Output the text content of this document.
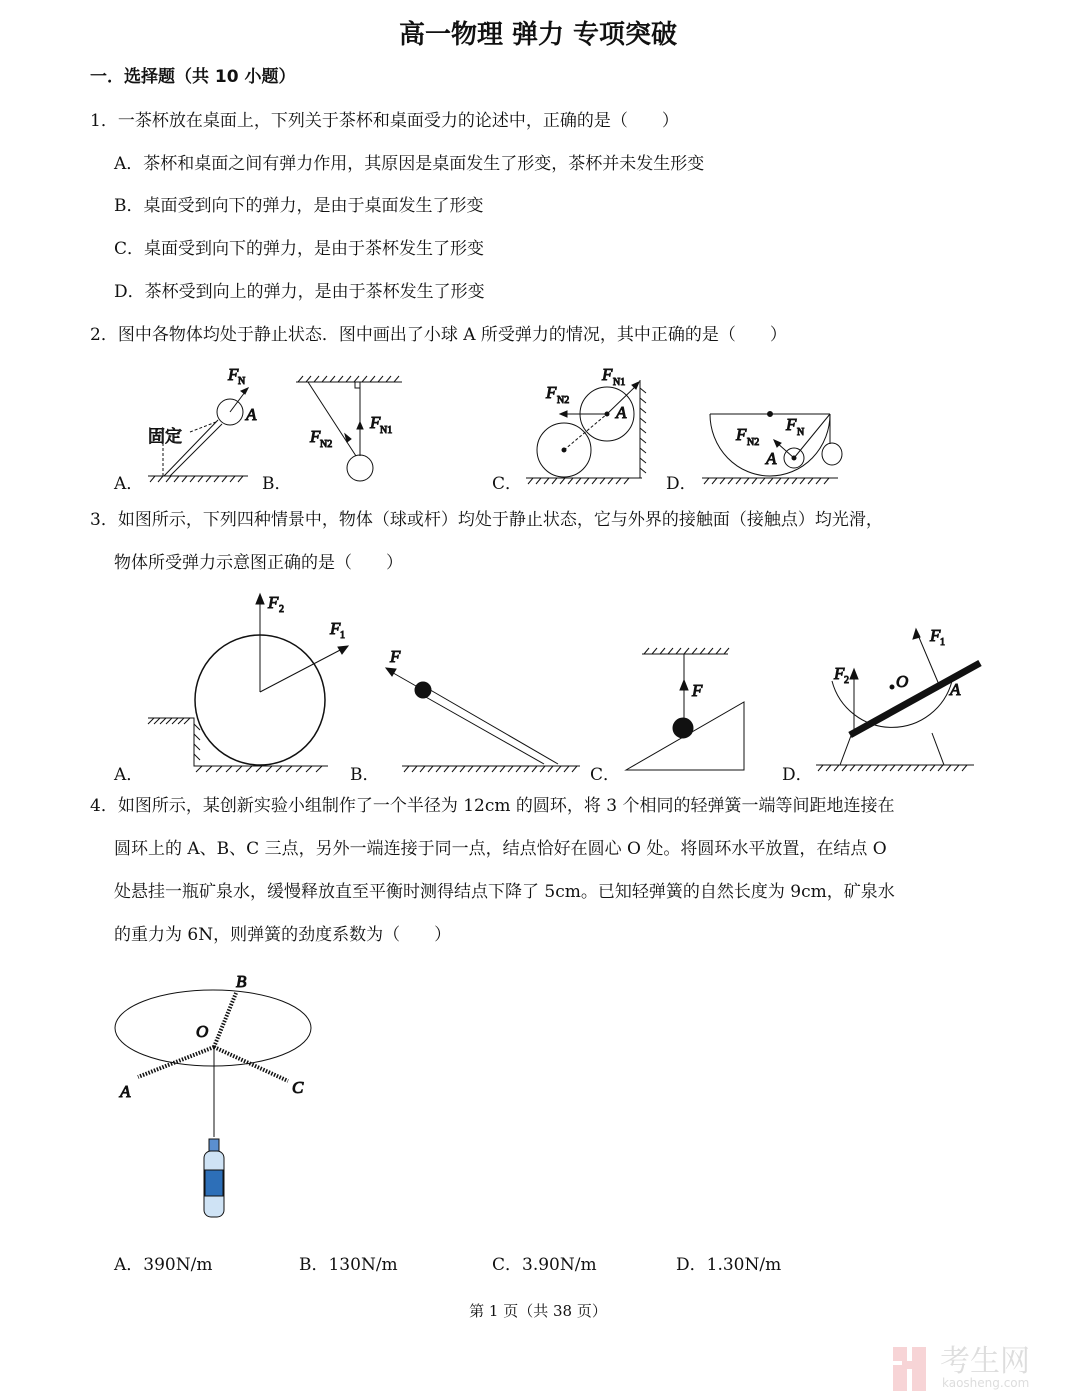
高一物理 弹力 专项突破
一．选择题（共 10 小题）
1．一茶杯放在桌面上，下列关于茶杯和桌面受力的论述中，正确的是（　　）
A．茶杯和桌面之间有弹力作用，其原因是桌面发生了形变，茶杯并未发生形变
B．桌面受到向下的弹力，是由于桌面发生了形变
C．桌面受到向下的弹力，是由于茶杯发生了形变
D．茶杯受到向上的弹力，是由于茶杯发生了形变
2．图中各物体均处于静止状态．图中画出了小球 A 所受弹力的情况，其中正确的是（　　）
A．	B．	C．	D．
F N
A
固定
F N1
F N2
F N1
F N2
A
F N
F N2
A
3．如图所示，下列四种情景中，物体（球或杆）均处于静止状态，它与外界的接触面（接触点）均光滑，
物体所受弹力示意图正确的是（　　）
A．	B．	C．	D．
F 2
F 1
F
F
F 1
F 2	O A
4．如图所示，某创新实验小组制作了一个半径为 12cm 的圆环，将 3 个相同的轻弹簧一端等间距地连接在
圆环上的 A、B、C 三点，另外一端连接于同一点，结点恰好在圆心 O 处。将圆环水平放置，在结点 O
处悬挂一瓶矿泉水，缓慢释放直至平衡时测得结点下降了 5cm。已知轻弹簧的自然长度为 9cm，矿泉水
的重力为 6N，则弹簧的劲度系数为（　　）
B
O
A	C
A．390N/m	B．130N/m	C．3.90N/m	D．1.30N/m
第 1 页（共 38 页）
考生网
kaosheng.com
